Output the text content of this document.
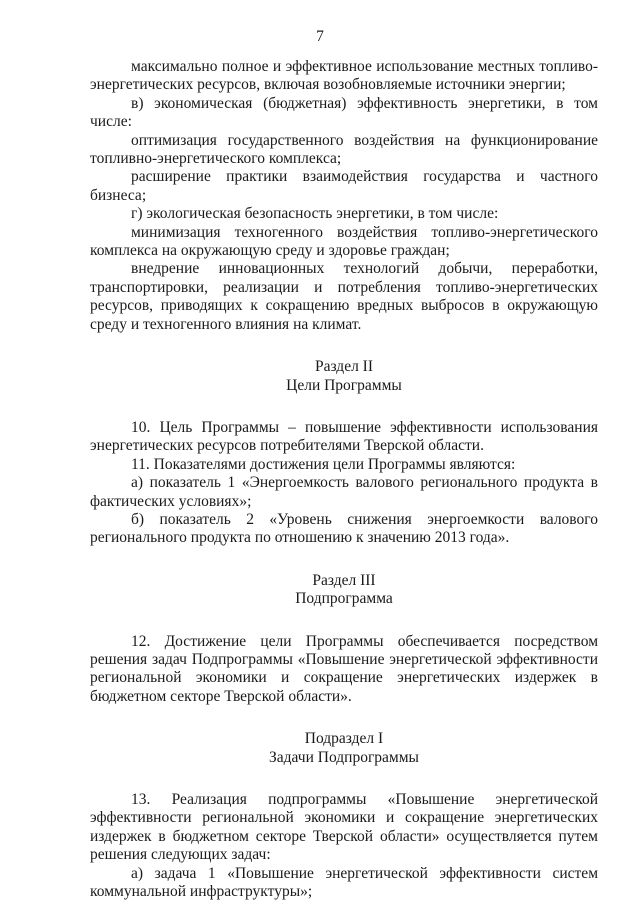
7

максимально полное и эффективное использование местных топливо-энергетических ресурсов, включая возобновляемые источники энергии;

в) экономическая (бюджетная) эффективность энергетики, в том числе:

оптимизация государственного воздействия на функционирование топливно-энергетического комплекса;

расширение практики взаимодействия государства и частного бизнеса;

г) экологическая безопасность энергетики, в том числе:

минимизация техногенного воздействия топливо-энергетического комплекса на окружающую среду и здоровье граждан;

внедрение инновационных технологий добычи, переработки, транспортировки, реализации и потребления топливо-энергетических ресурсов, приводящих к сокращению вредных выбросов в окружающую среду и техногенного влияния на климат.

Раздел II

Цели Программы

10. Цель Программы – повышение эффективности использования энергетических ресурсов потребителями Тверской области.

11. Показателями достижения цели Программы являются:

а) показатель 1 «Энергоемкость валового регионального продукта в фактических условиях»;

б) показатель 2 «Уровень снижения энергоемкости валового регионального продукта по отношению к значению 2013 года».

Раздел III

Подпрограмма

12. Достижение цели Программы обеспечивается посредством решения задач Подпрограммы «Повышение энергетической эффективности региональной экономики и сокращение энергетических издержек в бюджетном секторе Тверской области».

Подраздел I

Задачи Подпрограммы

13. Реализация подпрограммы «Повышение энергетической эффективности региональной экономики и сокращение энергетических издержек в бюджетном секторе Тверской области» осуществляется путем решения следующих задач:

а) задача 1 «Повышение энергетической эффективности систем коммунальной инфраструктуры»;
